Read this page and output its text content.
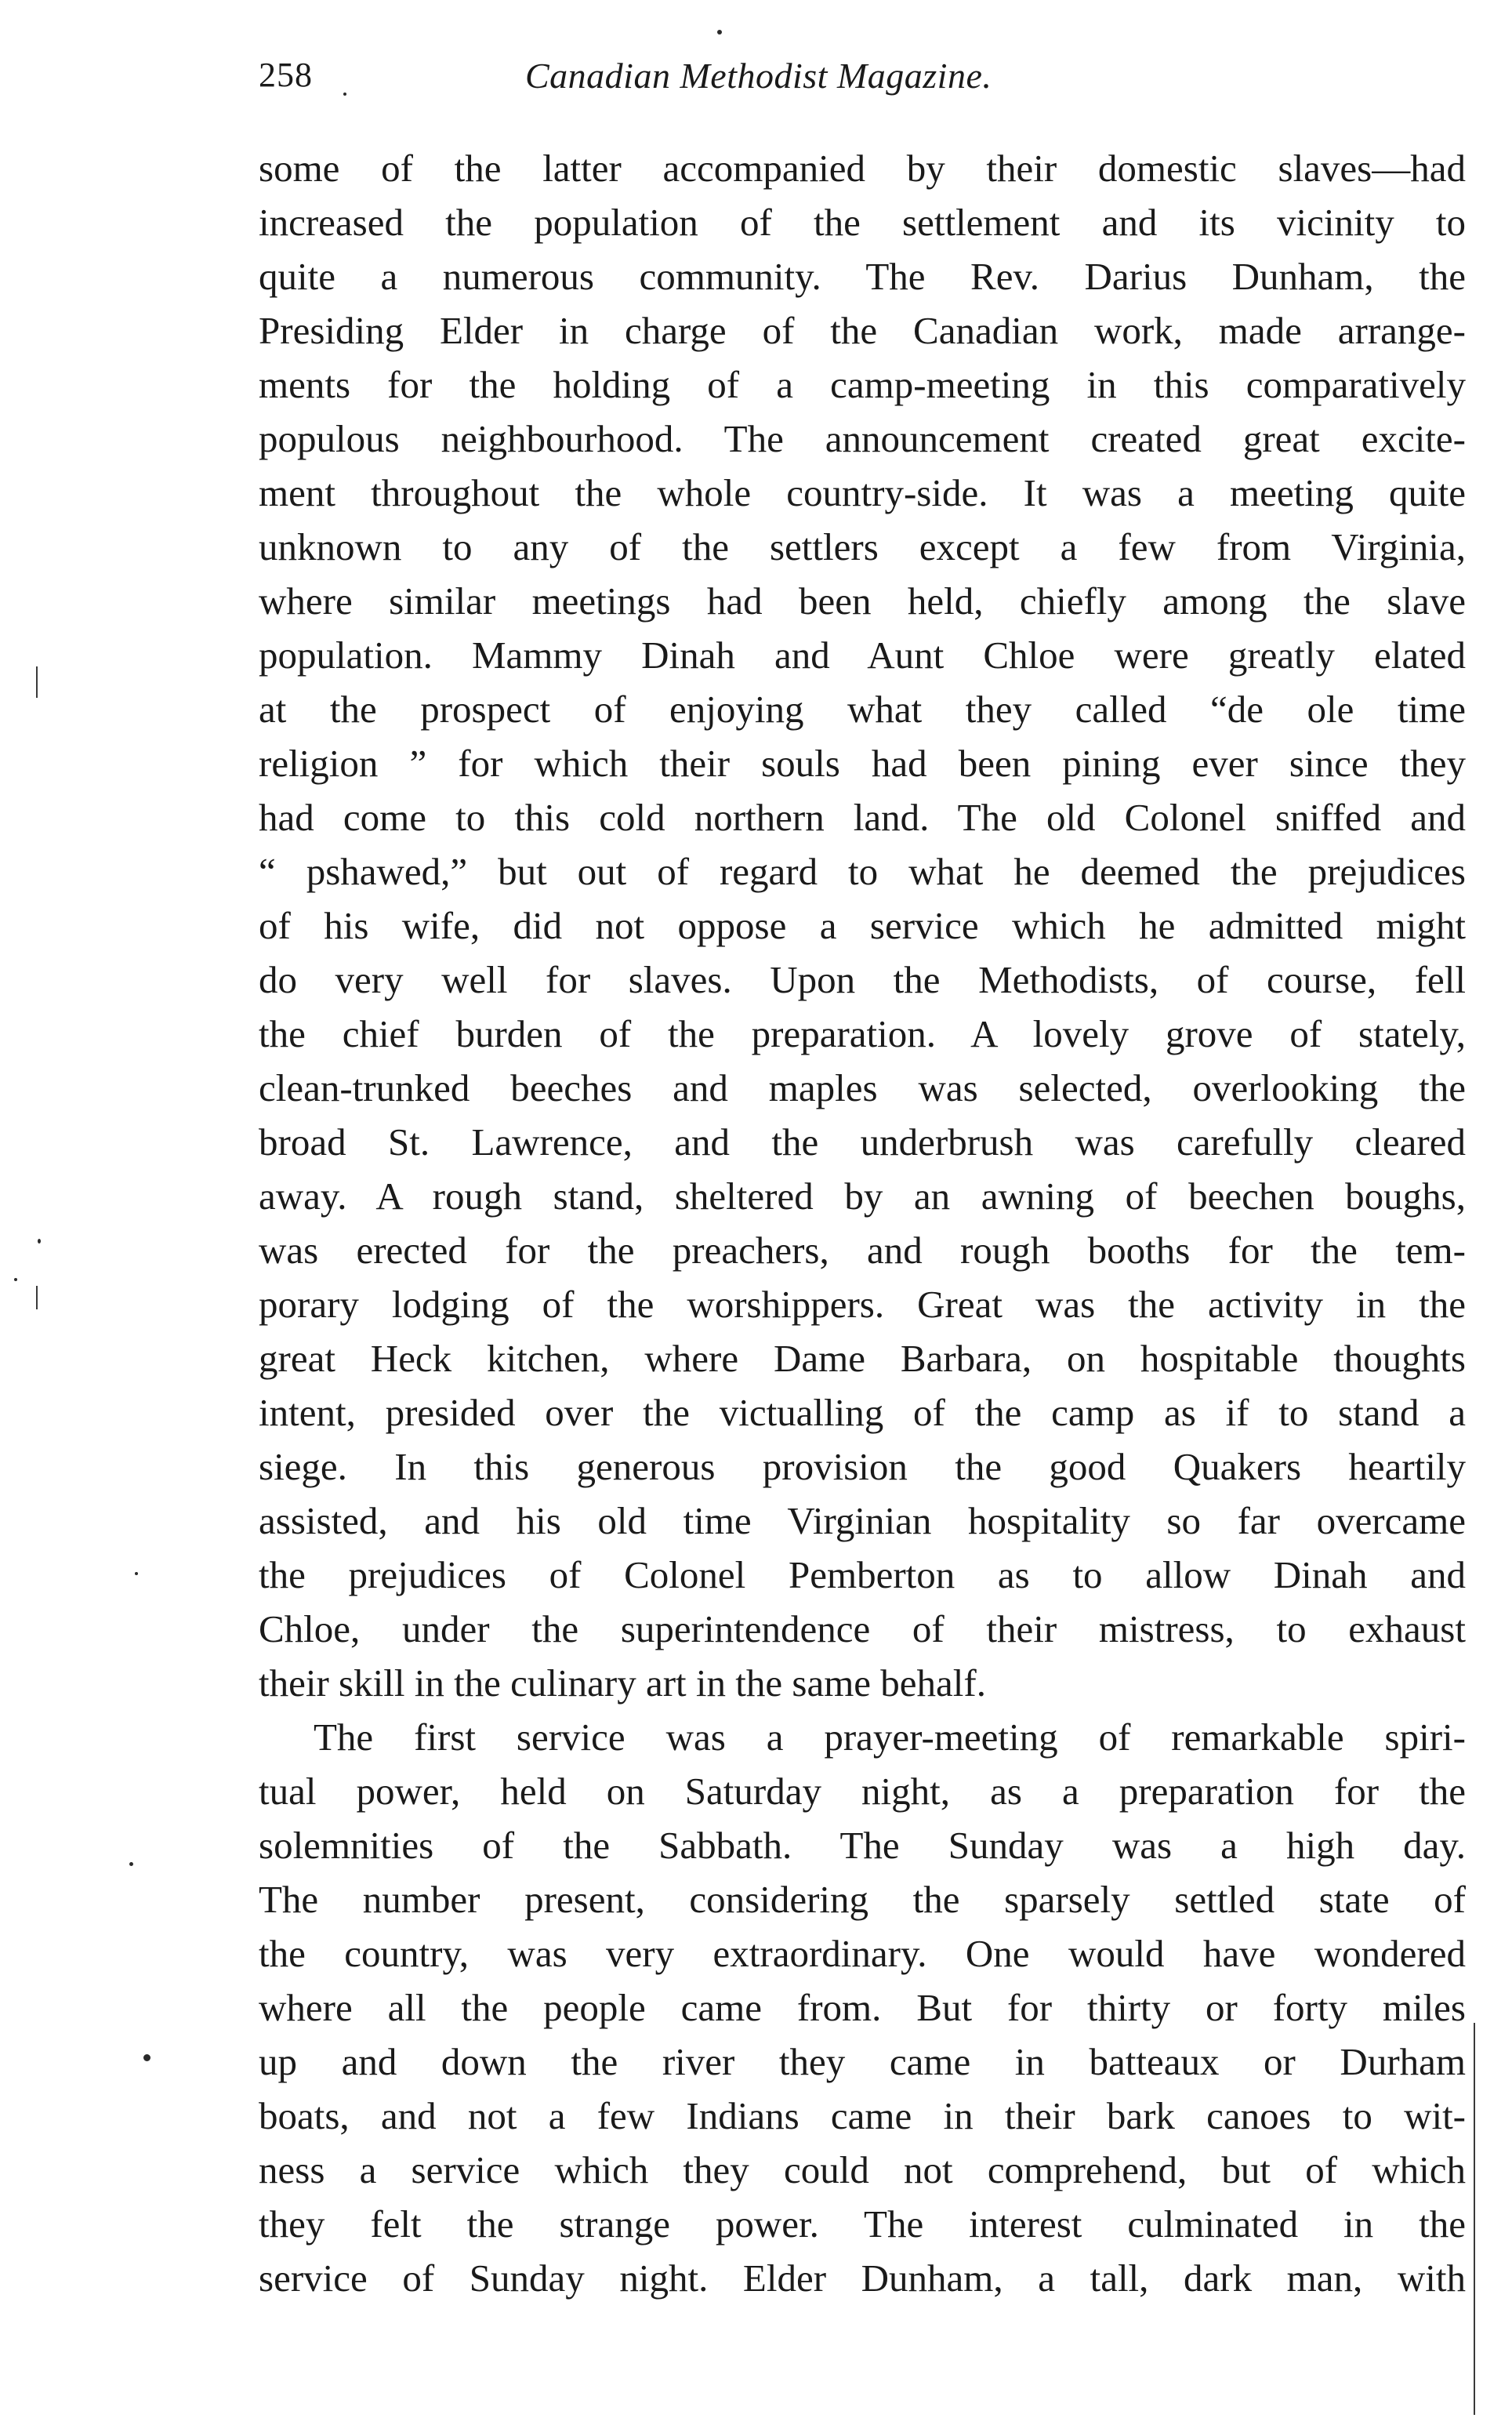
258	Canadian Methodist Magazine.
some of the latter accompanied by their domestic slaves—had
increased the population of the settlement and its vicinity to
quite a numerous community. The Rev. Darius Dunham, the
Presiding Elder in charge of the Canadian work, made arrange-
ments for the holding of a camp-meeting in this comparatively
populous neighbourhood. The announcement created great excite-
ment throughout the whole country-side. It was a meeting quite
unknown to any of the settlers except a few from Virginia,
where similar meetings had been held, chiefly among the slave
population. Mammy Dinah and Aunt Chloe were greatly elated
at the prospect of enjoying what they called “de ole time
religion ” for which their souls had been pining ever since they
had come to this cold northern land. The old Colonel sniffed and
“ pshawed,” but out of regard to what he deemed the prejudices
of his wife, did not oppose a service which he admitted might
do very well for slaves. Upon the Methodists, of course, fell
the chief burden of the preparation. A lovely grove of stately,
clean-trunked beeches and maples was selected, overlooking the
broad St. Lawrence, and the underbrush was carefully cleared
away. A rough stand, sheltered by an awning of beechen boughs,
was erected for the preachers, and rough booths for the tem-
porary lodging of the worshippers. Great was the activity in the
great Heck kitchen, where Dame Barbara, on hospitable thoughts
intent, presided over the victualling of the camp as if to stand a
siege. In this generous provision the good Quakers heartily
assisted, and his old time Virginian hospitality so far overcame
the prejudices of Colonel Pemberton as to allow Dinah and
Chloe, under the superintendence of their mistress, to exhaust
their skill in the culinary art in the same behalf.
The first service was a prayer-meeting of remarkable spiri-
tual power, held on Saturday night, as a preparation for the
solemnities of the Sabbath. The Sunday was a high day.
The number present, considering the sparsely settled state of
the country, was very extraordinary. One would have wondered
where all the people came from. But for thirty or forty miles
up and down the river they came in batteaux or Durham
boats, and not a few Indians came in their bark canoes to wit-
ness a service which they could not comprehend, but of which
they felt the strange power. The interest culminated in the
service of Sunday night. Elder Dunham, a tall, dark man, with
